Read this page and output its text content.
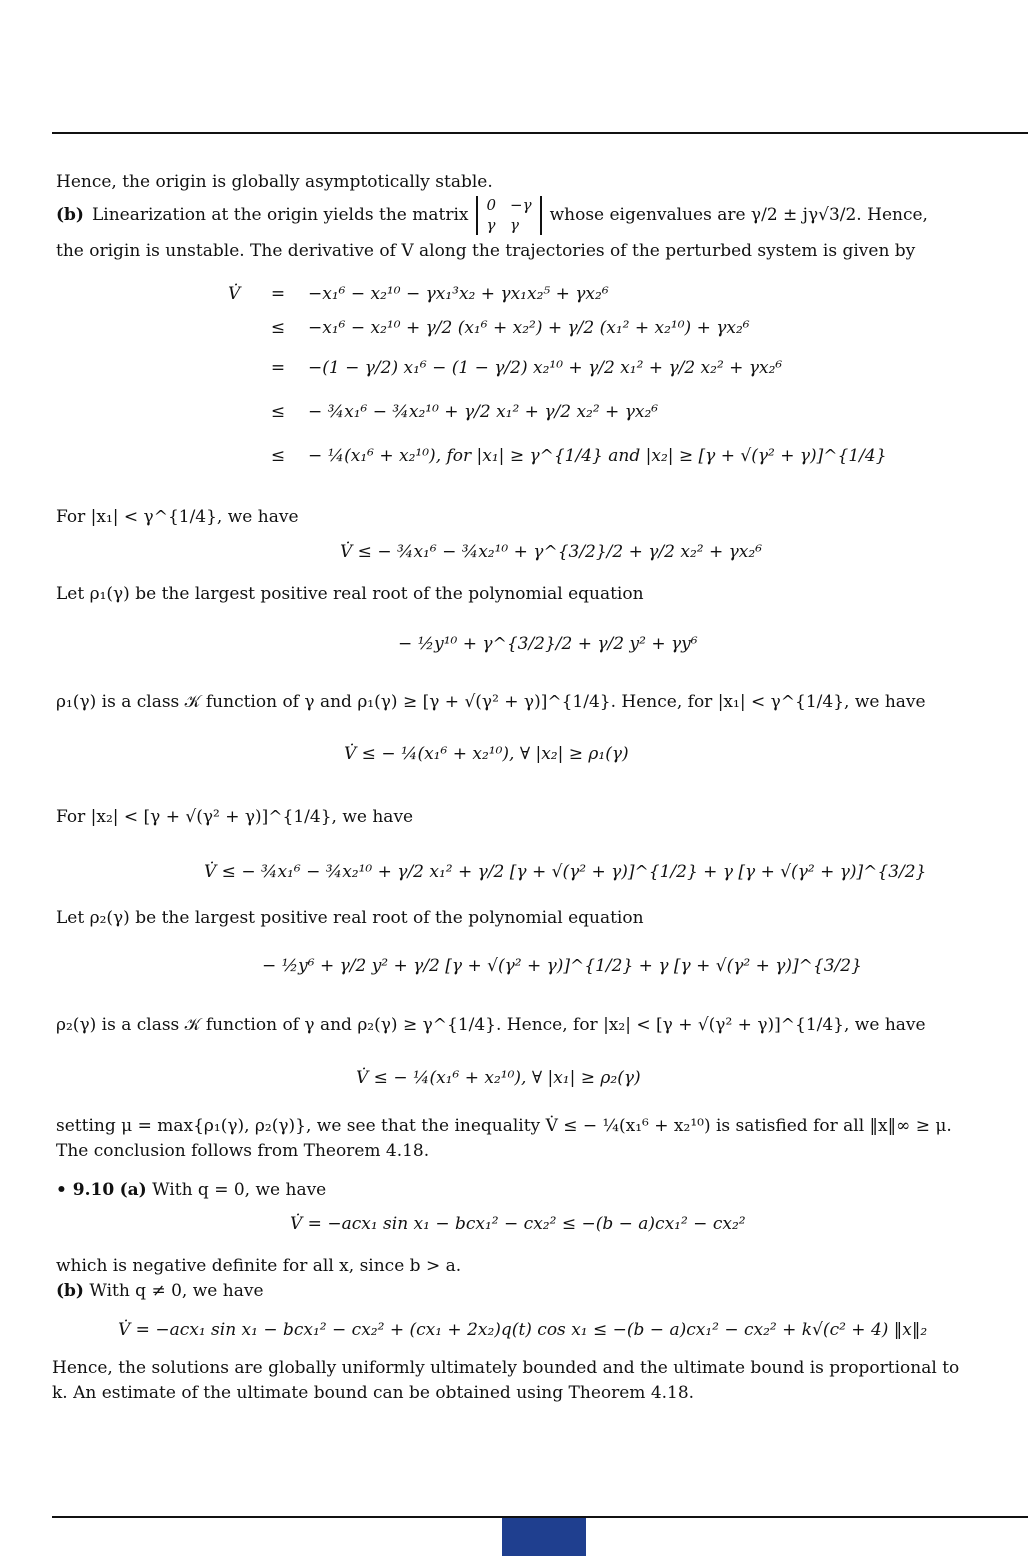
Hence, the origin is globally asymptotically stable.

(b) Linearization at the origin yields the matrix
0 −γ
γ γ	whose eigenvalues are γ/2 ± jγ√3/2. Hence,

the origin is unstable. The derivative of V along the trajectories of the perturbed system is given by

V̇	= −x₁⁶ − x₂¹⁰ − γx₁³x₂ + γx₁x₂⁵ + γx₂⁶
≤ −x₁⁶ − x₂¹⁰ + γ/2 (x₁⁶ + x₂²) + γ/2 (x₁² + x₂¹⁰) + γx₂⁶
= −(1 − γ/2) x₁⁶ − (1 − γ/2) x₂¹⁰ + γ/2 x₁² + γ/2 x₂² + γx₂⁶
≤ − ¾x₁⁶ − ¾x₂¹⁰ + γ/2 x₁² + γ/2 x₂² + γx₂⁶
≤ − ¼(x₁⁶ + x₂¹⁰), for |x₁| ≥ γ^{1/4} and |x₂| ≥ [γ + √(γ² + γ)]^{1/4}

For |x₁| < γ^{1/4}, we have

V̇ ≤ − ¾x₁⁶ − ¾x₂¹⁰ + γ^{3/2}/2 + γ/2 x₂² + γx₂⁶

Let ρ₁(γ) be the largest positive real root of the polynomial equation

− ½y¹⁰ + γ^{3/2}/2 + γ/2 y² + γy⁶

ρ₁(γ) is a class 𝒦 function of γ and ρ₁(γ) ≥ [γ + √(γ² + γ)]^{1/4}. Hence, for |x₁| < γ^{1/4}, we have

V̇ ≤ − ¼(x₁⁶ + x₂¹⁰), ∀ |x₂| ≥ ρ₁(γ)

For |x₂| < [γ + √(γ² + γ)]^{1/4}, we have

V̇ ≤ − ¾x₁⁶ − ¾x₂¹⁰ + γ/2 x₁² + γ/2 [γ + √(γ² + γ)]^{1/2} + γ [γ + √(γ² + γ)]^{3/2}

Let ρ₂(γ) be the largest positive real root of the polynomial equation

− ½y⁶ + γ/2 y² + γ/2 [γ + √(γ² + γ)]^{1/2} + γ [γ + √(γ² + γ)]^{3/2}

ρ₂(γ) is a class 𝒦 function of γ and ρ₂(γ) ≥ γ^{1/4}. Hence, for |x₂| < [γ + √(γ² + γ)]^{1/4}, we have

V̇ ≤ − ¼(x₁⁶ + x₂¹⁰), ∀ |x₁| ≥ ρ₂(γ)

setting μ = max{ρ₁(γ), ρ₂(γ)}, we see that the inequality V̇ ≤ − ¼(x₁⁶ + x₂¹⁰) is satisfied for all ‖x‖∞ ≥ μ.

The conclusion follows from Theorem 4.18.

• 9.10 (a) With q = 0, we have

V̇ = −acx₁ sin x₁ − bcx₁² − cx₂² ≤ −(b − a)cx₁² − cx₂²

which is negative definite for all x, since b > a.

(b) With q ≠ 0, we have

V̇ = −acx₁ sin x₁ − bcx₁² − cx₂² + (cx₁ + 2x₂)q(t) cos x₁ ≤ −(b − a)cx₁² − cx₂² + k√(c² + 4) ‖x‖₂

Hence, the solutions are globally uniformly ultimately bounded and the ultimate bound is proportional to

k. An estimate of the ultimate bound can be obtained using Theorem 4.18.
